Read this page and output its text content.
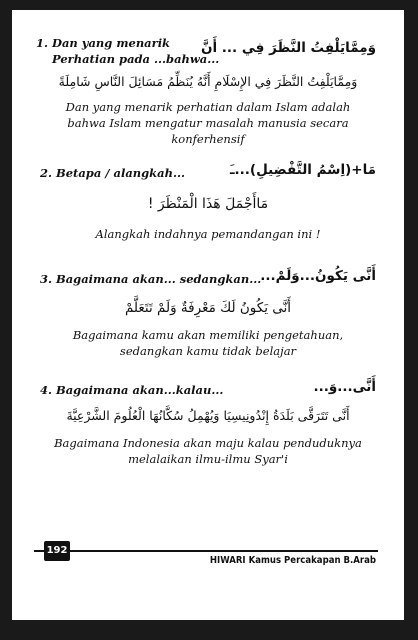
1. Dan yang menarik
Perhatian pada ...bahwa...
وَمِمَّايَلْفِتُ النَّظَرَ فِي ... أَنَّ
وَمِمَّايَلْفِتُ النَّظَرَ فِي الإِسْلَامِ أَنَّهُ يُنَظِّمُ مَسَائِلَ النَّاسِ شَامِلَةً
Dan yang menarik perhatian dalam Islam adalah
bahwa Islam mengatur masalah manusia secara
konferhensif
2. Betapa / alangkah...	مَا+(اِسْمُ التَّفْضِيلِ)...ـَ
مَاأَجْمَلَ هَذَا الْمَنْظَرَ !
Alangkah indahnya pemandangan ini !
3. Bagaimana akan... sedangkan... أَنَّى يَكُونُ...وَلَمْ...
أَنَّى يَكُونُ لَكَ مَعْرِفَةٌ وَلَمْ تَتَعَلَّمْ
Bagaimana kamu akan memiliki pengetahuan,
sedangkan kamu tidak belajar
4. Bagaimana akan...kalau...	أَنَّى...وَ...
أَنَّى تَتَرَقَّى بَلَدَةُ إِنْدُونِيسِيَا وَيُهْمِلُ سُكَّانُهَا الْعُلُومَ الشَّرْعِيَّةَ
Bagaimana Indonesia akan maju kalau penduduknya
melalaikan ilmu-ilmu Syar'i
192
HIWARI Kamus Percakapan B.Arab
